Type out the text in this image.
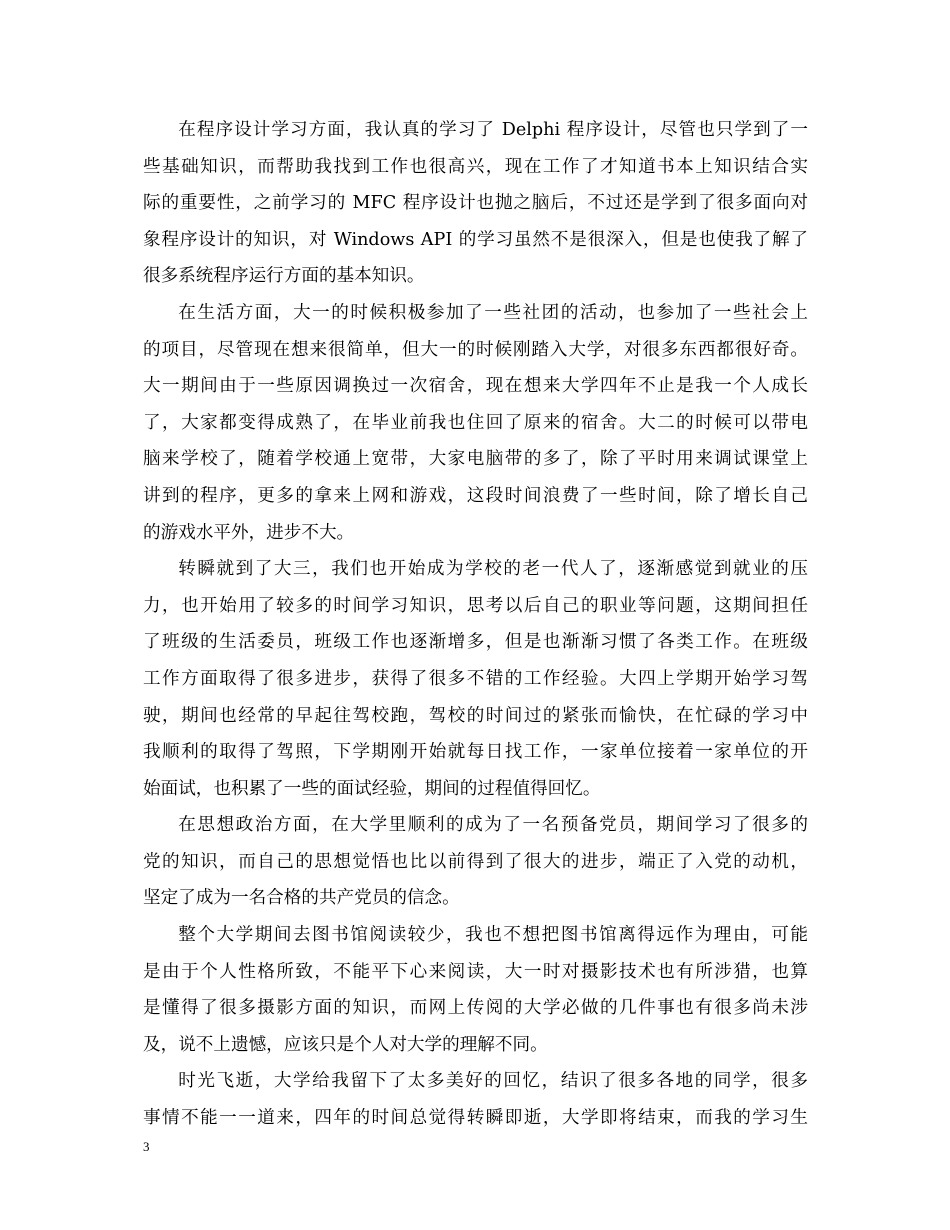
在程序设计学习方面，我认真的学习了 Delphi 程序设计，尽管也只学到了一
些基础知识，而帮助我找到工作也很高兴，现在工作了才知道书本上知识结合实
际的重要性，之前学习的 MFC 程序设计也抛之脑后，不过还是学到了很多面向对
象程序设计的知识，对 Windows API 的学习虽然不是很深入，但是也使我了解了
很多系统程序运行方面的基本知识。

在生活方面，大一的时候积极参加了一些社团的活动，也参加了一些社会上
的项目，尽管现在想来很简单，但大一的时候刚踏入大学，对很多东西都很好奇。
大一期间由于一些原因调换过一次宿舍，现在想来大学四年不止是我一个人成长
了，大家都变得成熟了，在毕业前我也住回了原来的宿舍。大二的时候可以带电
脑来学校了，随着学校通上宽带，大家电脑带的多了，除了平时用来调试课堂上
讲到的程序，更多的拿来上网和游戏，这段时间浪费了一些时间，除了增长自己
的游戏水平外，进步不大。

转瞬就到了大三，我们也开始成为学校的老一代人了，逐渐感觉到就业的压
力，也开始用了较多的时间学习知识，思考以后自己的职业等问题，这期间担任
了班级的生活委员，班级工作也逐渐增多，但是也渐渐习惯了各类工作。在班级
工作方面取得了很多进步，获得了很多不错的工作经验。大四上学期开始学习驾
驶，期间也经常的早起往驾校跑，驾校的时间过的紧张而愉快，在忙碌的学习中
我顺利的取得了驾照，下学期刚开始就每日找工作，一家单位接着一家单位的开
始面试，也积累了一些的面试经验，期间的过程值得回忆。

在思想政治方面，在大学里顺利的成为了一名预备党员，期间学习了很多的
党的知识，而自己的思想觉悟也比以前得到了很大的进步，端正了入党的动机，
坚定了成为一名合格的共产党员的信念。

整个大学期间去图书馆阅读较少，我也不想把图书馆离得远作为理由，可能
是由于个人性格所致，不能平下心来阅读，大一时对摄影技术也有所涉猎，也算
是懂得了很多摄影方面的知识，而网上传阅的大学必做的几件事也有很多尚未涉
及，说不上遗憾，应该只是个人对大学的理解不同。

时光飞逝，大学给我留下了太多美好的回忆，结识了很多各地的同学，很多
事情不能一一道来，四年的时间总觉得转瞬即逝，大学即将结束，而我的学习生

3
